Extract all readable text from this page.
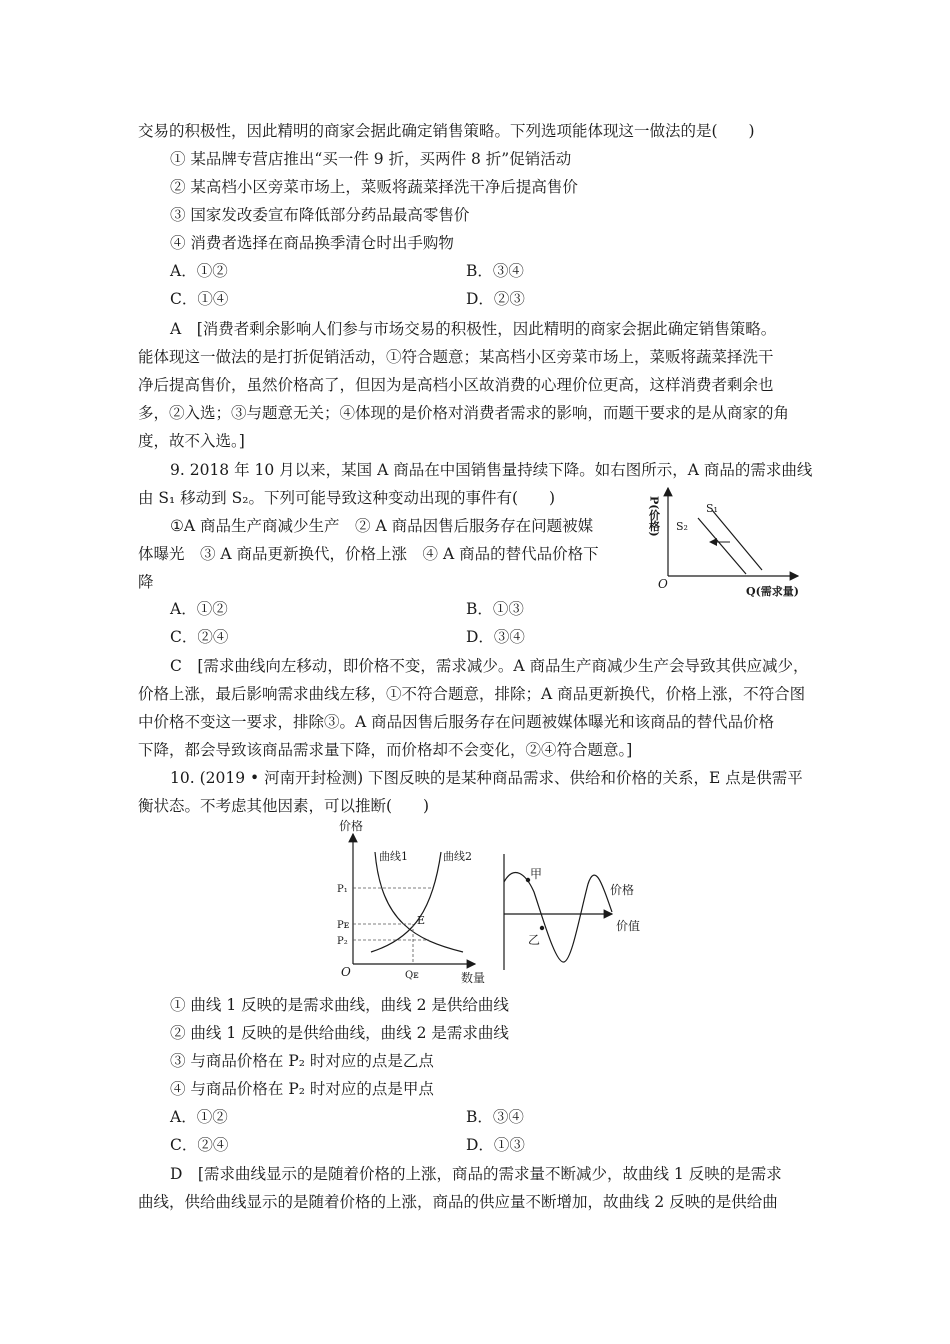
交易的积极性，因此精明的商家会据此确定销售策略。下列选项能体现这一做法的是(　　)
① 某品牌专营店推出“买一件 9 折，买两件 8 折”促销活动
② 某高档小区旁菜市场上，菜贩将蔬菜择洗干净后提高售价
③ 国家发改委宣布降低部分药品最高零售价
④ 消费者选择在商品换季清仓时出手购物
A．①②	B．③④
C．①④	D．②③
A　[消费者剩余影响人们参与市场交易的积极性，因此精明的商家会据此确定销售策略。
能体现这一做法的是打折促销活动，①符合题意；某高档小区旁菜市场上，菜贩将蔬菜择洗干
净后提高售价，虽然价格高了，但因为是高档小区故消费的心理价位更高，这样消费者剩余也
多，②入选；③与题意无关；④体现的是价格对消费者需求的影响，而题干要求的是从商家的角
度，故不入选。]
9. 2018 年 10 月以来，某国 A 商品在中国销售量持续下降。如右图所示，A 商品的需求曲线
由 S₁ 移动到 S₂。下列可能导致这种变动出现的事件有(　　)
①A 商品生产商减少生产　② A 商品因售后服务存在问题被媒
体曝光　③ A 商品更新换代，价格上涨　④ A 商品的替代品价格下
降
A．①②	B．①③
C．②④	D．③④
P(价格)
Q(需求量)
O
S₁
S₂
C　[需求曲线向左移动，即价格不变，需求减少。A 商品生产商减少生产会导致其供应减少，
价格上涨，最后影响需求曲线左移，①不符合题意，排除；A 商品更新换代，价格上涨，不符合图
中价格不变这一要求，排除③。A 商品因售后服务存在问题被媒体曝光和该商品的替代品价格
下降，都会导致该商品需求量下降，而价格却不会变化，②④符合题意。]
10. (2019 • 河南开封检测) 下图反映的是某种商品需求、供给和价格的关系，E 点是供需平
衡状态。不考虑其他因素，可以推断(　　)
价格
数量
O
曲线1	曲线2
P₁
Pᴇ
P₂
E
Qᴇ
甲
乙
价格
价值
① 曲线 1 反映的是需求曲线，曲线 2 是供给曲线
② 曲线 1 反映的是供给曲线，曲线 2 是需求曲线
③ 与商品价格在 P₂ 时对应的点是乙点
④ 与商品价格在 P₂ 时对应的点是甲点
A．①②	B．③④
C．②④	D．①③
D　[需求曲线显示的是随着价格的上涨，商品的需求量不断减少，故曲线 1 反映的是需求
曲线，供给曲线显示的是随着价格的上涨，商品的供应量不断增加，故曲线 2 反映的是供给曲
